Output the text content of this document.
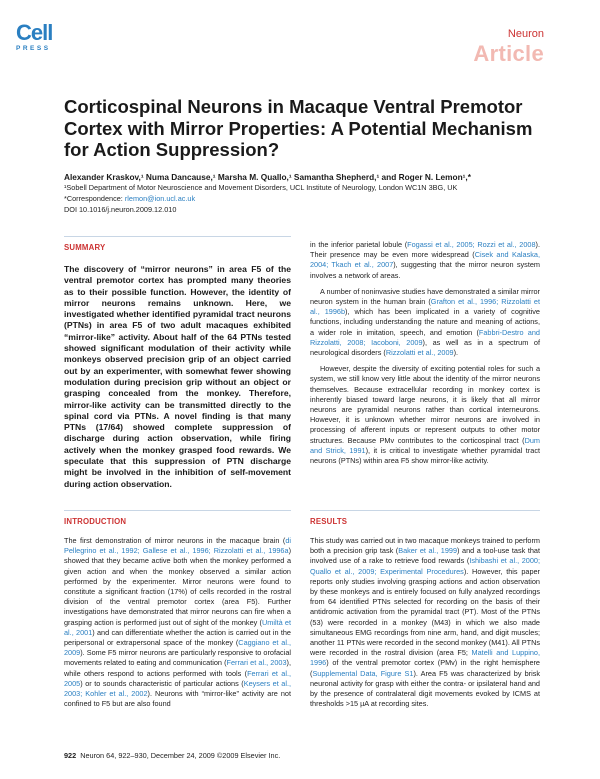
Cell
PRESS
Neuron
Article
Corticospinal Neurons in Macaque Ventral Premotor Cortex with Mirror Properties: A Potential Mechanism for Action Suppression?
Alexander Kraskov,¹ Numa Dancause,¹ Marsha M. Quallo,¹ Samantha Shepherd,¹ and Roger N. Lemon¹,*
¹Sobell Department of Motor Neuroscience and Movement Disorders, UCL Institute of Neurology, London WC1N 3BG, UK
*Correspondence: rlemon@ion.ucl.ac.uk
DOI 10.1016/j.neuron.2009.12.010
SUMMARY
The discovery of “mirror neurons” in area F5 of the ventral premotor cortex has prompted many theories as to their possible function. However, the identity of mirror neurons remains unknown. Here, we investigated whether identified pyramidal tract neurons (PTNs) in area F5 of two adult macaques exhibited “mirror-like” activity. About half of the 64 PTNs tested showed significant modulation of their activity while monkeys observed precision grip of an object carried out by an experimenter, with somewhat fewer showing modulation during precision grip without an object or grasping concealed from the monkey. Therefore, mirror-like activity can be transmitted directly to the spinal cord via PTNs. A novel finding is that many PTNs (17/64) showed complete suppression of discharge during action observation, while firing actively when the monkey grasped food rewards. We speculate that this suppression of PTN discharge might be involved in the inhibition of self-movement during action observation.

in the inferior parietal lobule (Fogassi et al., 2005; Rozzi et al., 2008). Their presence may be even more widespread (Cisek and Kalaska, 2004; Tkach et al., 2007), suggesting that the mirror neuron system involves a network of areas.

A number of noninvasive studies have demonstrated a similar mirror neuron system in the human brain (Grafton et al., 1996; Rizzolatti et al., 1996b), which has been implicated in a variety of cognitive functions, including understanding the nature and meaning of actions, a wider role in imitation, speech, and emotion (Fabbri-Destro and Rizzolatti, 2008; Iacoboni, 2009), as well as in a spectrum of neurological disorders (Rizzolatti et al., 2009).

However, despite the diversity of exciting potential roles for such a system, we still know very little about the identity of the mirror neurons themselves. Because extracellular recording in monkey cortex is inherently biased toward large neurons, it is likely that all mirror neurons are pyramidal neurons rather than cortical interneurons. However, it is unknown whether mirror neurons are involved in processing of afferent inputs or represent outputs to other motor structures. Because PMv contributes to the corticospinal tract (Dum and Strick, 1991), it is critical to investigate whether pyramidal tract neurons (PTNs) within area F5 show mirror-like activity.

INTRODUCTION

The first demonstration of mirror neurons in the macaque brain (di Pellegrino et al., 1992; Gallese et al., 1996; Rizzolatti et al., 1996a) showed that they became active both when the monkey performed a given action and when the monkey observed a similar action performed by the experimenter. Mirror neurons were found to constitute a significant fraction (17%) of cells recorded in the rostral division of the ventral premotor cortex (area F5). Further investigations have demonstrated that mirror neurons can fire when a grasping action is performed just out of sight of the monkey (Umiltà et al., 2001) and can differentiate whether the action is carried out in the peripersonal or extrapersonal space of the monkey (Caggiano et al., 2009). Some F5 mirror neurons are particularly responsive to orofacial movements related to eating and communication (Ferrari et al., 2003), while others respond to actions performed with tools (Ferrari et al., 2005) or to sounds characteristic of particular actions (Keysers et al., 2003; Kohler et al., 2002). Neurons with “mirror-like” activity are not confined to F5 but are also found

RESULTS

This study was carried out in two macaque monkeys trained to perform both a precision grip task (Baker et al., 1999) and a tool-use task that involved use of a rake to retrieve food rewards (Ishibashi et al., 2000; Quallo et al., 2009; Experimental Procedures). However, this paper reports only studies involving grasping actions and action observation by these monkeys and is entirely focused on fully analyzed recordings from 64 identified PTNs selected for recording on the basis of their antidromic activation from the pyramidal tract (PT). Most of the PTNs (53) were recorded in a monkey (M43) in which we also made simultaneous EMG recordings from nine arm, hand, and digit muscles; another 11 PTNs were recorded in the second monkey (M41). All PTNs were recorded in the rostral division (area F5; Matelli and Luppino, 1996) of the ventral premotor cortex (PMv) in the right hemisphere (Supplemental Data, Figure S1). Area F5 was characterized by brisk neuronal activity for grasp with either the contra- or ipsilateral hand and by the presence of contralateral digit movements evoked by ICMS at thresholds >15 µA at recording sites.

922 Neuron 64, 922–930, December 24, 2009 ©2009 Elsevier Inc.
